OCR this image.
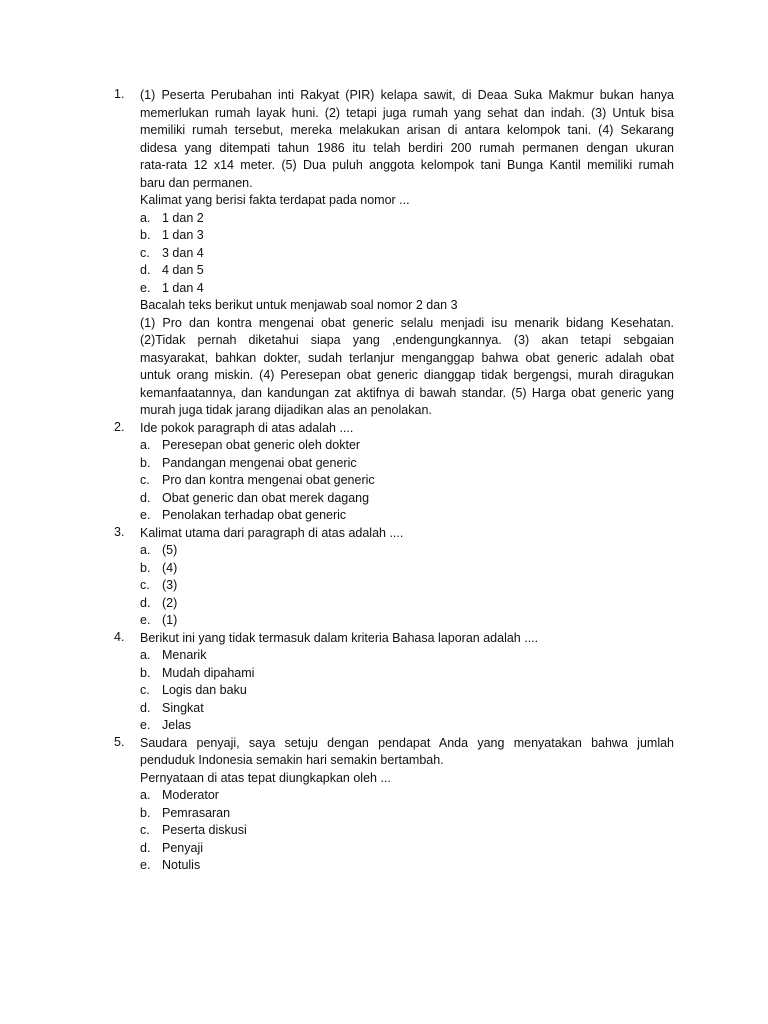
1. (1) Peserta Perubahan inti Rakyat (PIR) kelapa sawit, di Deaa Suka Makmur bukan hanya
memerlukan rumah layak huni. (2) tetapi juga rumah yang sehat dan indah. (3) Untuk bisa
memiliki rumah tersebut, mereka melakukan arisan di antara kelompok tani. (4) Sekarang
didesa yang ditempati tahun 1986 itu telah berdiri 200 rumah permanen dengan ukuran
rata-rata 12 x14 meter. (5) Dua puluh anggota kelompok tani Bunga Kantil memiliki rumah
baru dan permanen.
Kalimat yang berisi fakta terdapat pada nomor ...
a. 1 dan 2
b. 1 dan 3
c. 3 dan 4
d. 4 dan 5
e. 1 dan 4
Bacalah teks berikut untuk menjawab soal nomor 2 dan 3
(1) Pro dan kontra mengenai obat generic selalu menjadi isu menarik bidang Kesehatan.
(2)Tidak pernah diketahui siapa yang ,endengungkannya. (3) akan tetapi sebgaian
masyarakat, bahkan dokter, sudah terlanjur menganggap bahwa obat generic adalah obat
untuk orang miskin. (4) Peresepan obat generic dianggap tidak bergengsi, murah diragukan
kemanfaatannya, dan kandungan zat aktifnya di bawah standar. (5) Harga obat generic yang
murah juga tidak jarang dijadikan alas an penolakan.
2. Ide pokok paragraph di atas adalah ....
a. Peresepan obat generic oleh dokter
b. Pandangan mengenai obat generic
c. Pro dan kontra mengenai obat generic
d. Obat generic dan obat merek dagang
e. Penolakan terhadap obat generic
3. Kalimat utama dari paragraph di atas adalah ....
a. (5)
b. (4)
c. (3)
d. (2)
e. (1)
4. Berikut ini yang tidak termasuk dalam kriteria Bahasa laporan adalah ....
a. Menarik
b. Mudah dipahami
c. Logis dan baku
d. Singkat
e. Jelas
5. Saudara penyaji, saya setuju dengan pendapat Anda yang menyatakan bahwa jumlah
penduduk Indonesia semakin hari semakin bertambah.
Pernyataan di atas tepat diungkapkan oleh ...
a. Moderator
b. Pemrasaran
c. Peserta diskusi
d. Penyaji
e. Notulis
